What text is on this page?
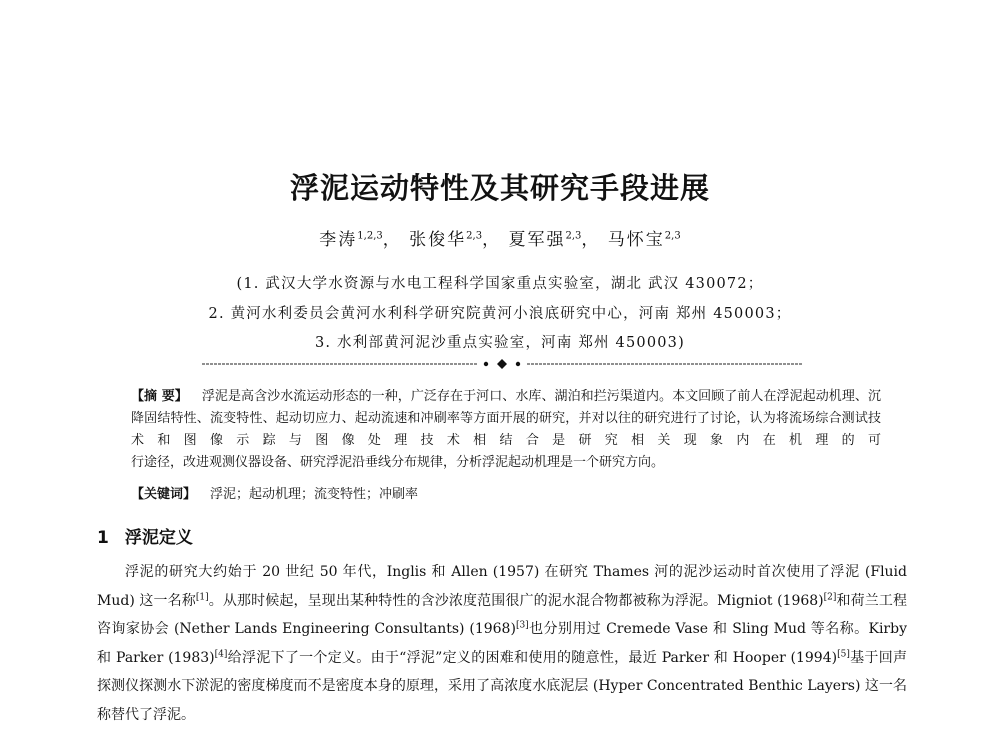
浮泥运动特性及其研究手段进展
李涛$^{1,2,3}$， 张俊华$^{2,3}$， 夏军强$^{2,3}$， 马怀宝$^{2,3}$
(1. 武汉大学水资源与水电工程科学国家重点实验室，湖北 武汉 430072；
2. 黄河水利委员会黄河水利科学研究院黄河小浪底研究中心，河南 郑州 450003；
3. 水利部黄河泥沙重点实验室，河南 郑州 450003)
【摘 要】 浮泥是高含沙水流运动形态的一种，广泛存在于河口、水库、湖泊和拦污渠道内。本文回顾了前人在浮泥起动机理、沉降固结特性、流变特性、起动切应力、起动流速和冲刷率等方面开展的研究，并对以往的研究进行了讨论，认为将流场综合测试技术和图像示踪与图像处理技术相结合是研究相关现象内在机理的可
行途径，改进观测仪器设备、研究浮泥沿垂线分布规律，分析浮泥起动机理是一个研究方向。
【关键词】 浮泥；起动机理；流变特性；冲刷率
1 浮泥定义

浮泥的研究大约始于 20 世纪 50 年代，Inglis 和 Allen (1957) 在研究 Thames 河的泥沙运动时首次使用了浮泥 (Fluid Mud) 这一名称[1]。从那时候起，呈现出某种特性的含沙浓度范围很广的泥水混合物都被称为浮泥。Migniot (1968)[2]和荷兰工程咨询家协会 (Nether Lands Engineering Consultants) (1968)[3]也分别用过 Cremede Vase 和 Sling Mud 等名称。Kirby 和 Parker (1983)[4]给浮泥下了一个定义。由于“浮泥”定义的困难和使用的随意性，最近 Parker 和 Hooper (1994)[5]基于回声探测仪探测水下淤泥的密度梯度而不是密度本身的原理，采用了高浓度水底泥层 (Hyper Concentrated Benthic Layers) 这一名称替代了浮泥。
